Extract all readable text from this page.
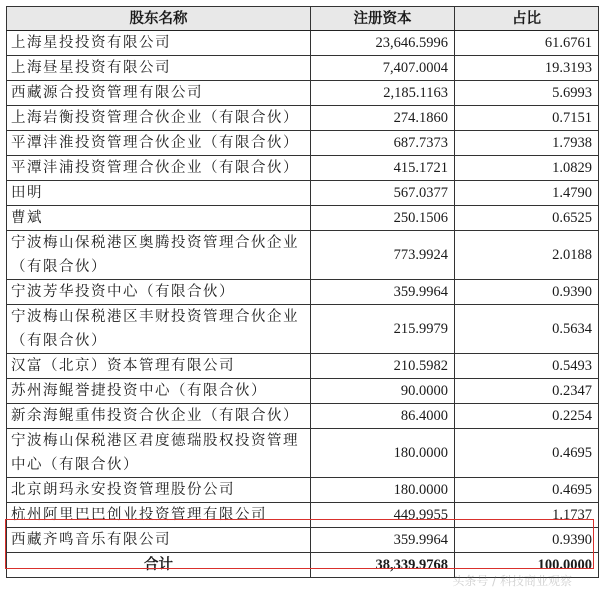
股东名称	注册资本	占比
上海星投投资有限公司	23,646.5996	61.6761
上海昼星投资有限公司	7,407.0004	19.3193
西藏源合投资管理有限公司	2,185.1163	5.6993
上海岩衡投资管理合伙企业（有限合伙）	274.1860	0.7151
平潭沣淮投资管理合伙企业（有限合伙）	687.7373	1.7938
平潭沣浦投资管理合伙企业（有限合伙）	415.1721	1.0829
田明	567.0377	1.4790
曹斌	250.1506	0.6525
宁波梅山保税港区奥腾投资管理合伙企业（有限合伙）	773.9924	2.0188
宁波芳华投资中心（有限合伙）	359.9964	0.9390
宁波梅山保税港区丰财投资管理合伙企业（有限合伙）	215.9979	0.5634
汉富（北京）资本管理有限公司	210.5982	0.5493
苏州海鲲誉捷投资中心（有限合伙）	90.0000	0.2347
新余海鲲重伟投资合伙企业（有限合伙）	86.4000	0.2254
宁波梅山保税港区君度德瑞股权投资管理中心（有限合伙）	180.0000	0.4695
北京朗玛永安投资管理股份公司	180.0000	0.4695
杭州阿里巴巴创业投资管理有限公司	449.9955	1.1737
西藏齐鸣音乐有限公司	359.9964	0.9390
合计	38,339.9768	100.0000
头条号 / 科技商业观察
